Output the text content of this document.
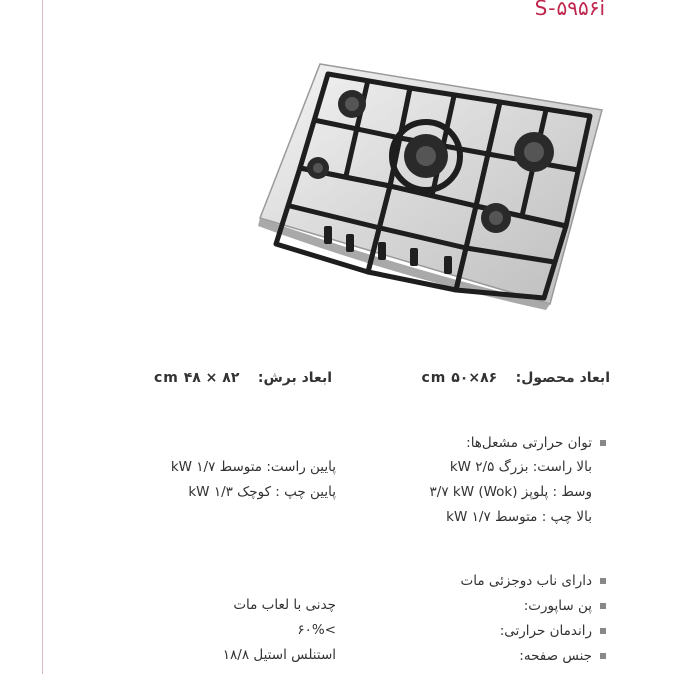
S-۵۹۵۶i
ابعاد محصول: ۸۶×۵۰ cm
ابعاد برش: ۸۲ × ۴۸ cm
توان حرارتی مشعل‌ها:
بالا راست: بزرگ ۲/۵ kW
وسط : پلوپز (Wok) ۳/۷ kW
بالا چپ : متوسط ۱/۷ kW
پایین راست: متوسط ۱/۷ kW
پایین چپ : کوچک ۱/۳ kW
دارای ناب دوجزئی مات
پن ساپورت:
راندمان حرارتی:
جنس صفحه:
چدنی با لعاب مات
>۶۰%
استنلس استیل ۱۸/۸
